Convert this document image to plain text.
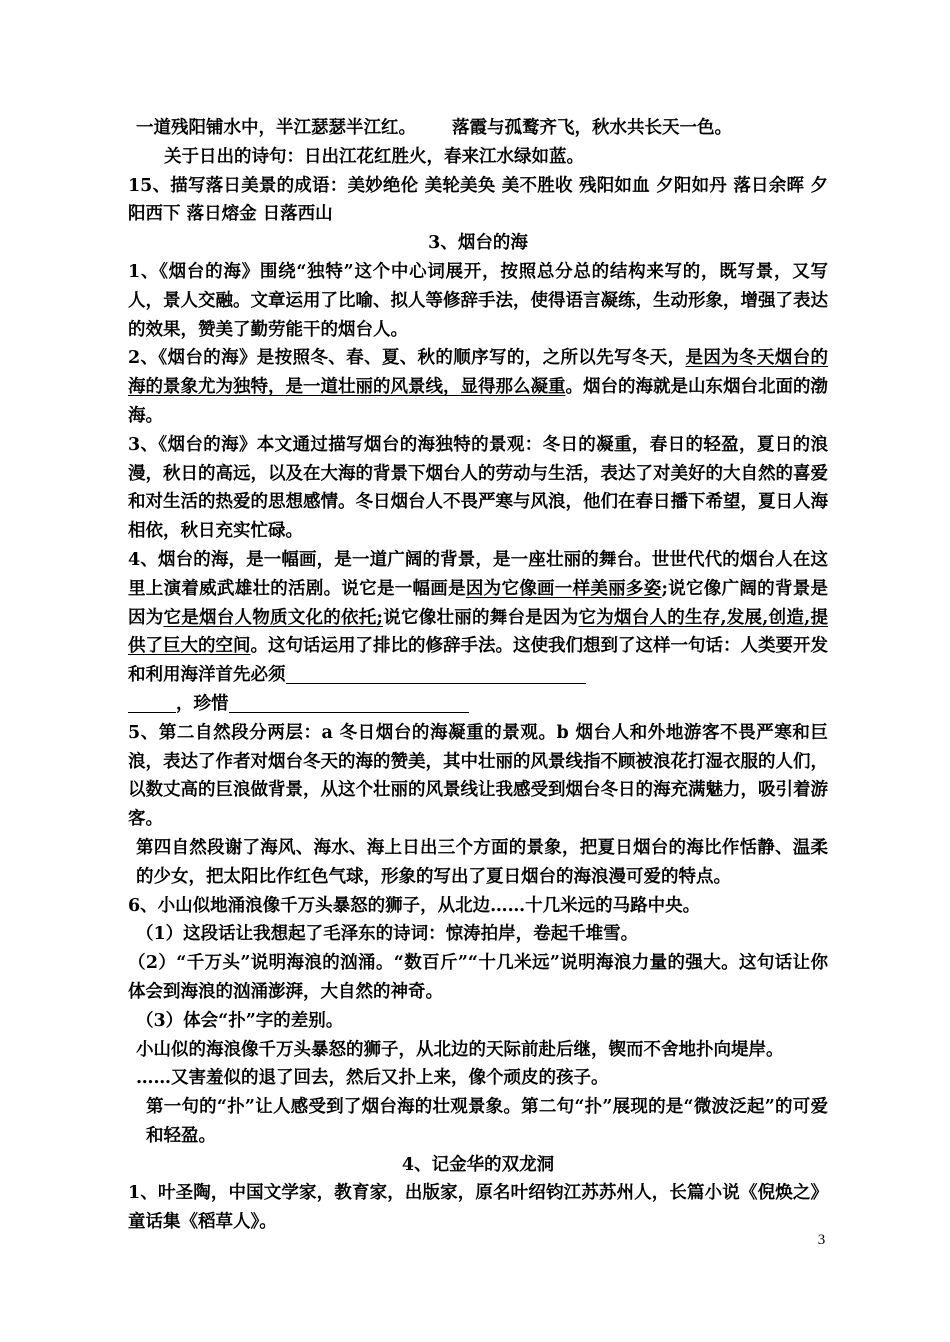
一道残阳铺水中，半江瑟瑟半江红。 落霞与孤鹜齐飞，秋水共长天一色。

关于日出的诗句：日出江花红胜火，春来江水绿如蓝。

15、描写落日美景的成语：美妙绝伦 美轮美奂 美不胜收 残阳如血 夕阳如丹 落日余晖 夕阳西下 落日熔金 日落西山

3、烟台的海

1、《烟台的海》围绕“独特”这个中心词展开，按照总分总的结构来写的，既写景，又写人，景人交融。文章运用了比喻、拟人等修辞手法，使得语言凝练，生动形象，增强了表达的效果，赞美了勤劳能干的烟台人。

2、《烟台的海》是按照冬、春、夏、秋的顺序写的，之所以先写冬天，是因为冬天烟台的海的景象尤为独特，是一道壮丽的风景线，显得那么凝重。烟台的海就是山东烟台北面的渤海。

3、《烟台的海》本文通过描写烟台的海独特的景观：冬日的凝重，春日的轻盈，夏日的浪漫，秋日的高远，以及在大海的背景下烟台人的劳动与生活，表达了对美好的大自然的喜爱和对生活的热爱的思想感情。冬日烟台人不畏严寒与风浪，他们在春日播下希望，夏日人海相依，秋日充实忙碌。

4、烟台的海，是一幅画，是一道广阔的背景，是一座壮丽的舞台。世世代代的烟台人在这里上演着威武雄壮的活剧。说它是一幅画是因为它像画一样美丽多姿;说它像广阔的背景是因为它是烟台人物质文化的依托;说它像壮丽的舞台是因为它为烟台人的生存,发展,创造,提供了巨大的空间。这句话运用了排比的修辞手法。这使我们想到了这样一句话：人类要开发和利用海洋首先必须
，珍惜

5、第二自然段分两层：a 冬日烟台的海凝重的景观。b 烟台人和外地游客不畏严寒和巨浪，表达了作者对烟台冬天的海的赞美，其中壮丽的风景线指不顾被浪花打湿衣服的人们，以数丈高的巨浪做背景，从这个壮丽的风景线让我感受到烟台冬日的海充满魅力，吸引着游客。

第四自然段谢了海风、海水、海上日出三个方面的景象，把夏日烟台的海比作恬静、温柔的少女，把太阳比作红色气球，形象的写出了夏日烟台的海浪漫可爱的特点。

6、小山似地涌浪像千万头暴怒的狮子，从北边……十几米远的马路中央。

（1）这段话让我想起了毛泽东的诗词：惊涛拍岸，卷起千堆雪。

（2）“千万头”说明海浪的汹涌。“数百斤”“十几米远”说明海浪力量的强大。这句话让你体会到海浪的汹涌澎湃，大自然的神奇。

（3）体会“扑”字的差别。

小山似的海浪像千万头暴怒的狮子，从北边的天际前赴后继，锲而不舍地扑向堤岸。

……又害羞似的退了回去，然后又扑上来，像个顽皮的孩子。

第一句的“扑”让人感受到了烟台海的壮观景象。第二句“扑”展现的是“微波泛起”的可爱和轻盈。

4、记金华的双龙洞

1、叶圣陶，中国文学家，教育家，出版家，原名叶绍钧江苏苏州人，长篇小说《倪焕之》童话集《稻草人》。

3
